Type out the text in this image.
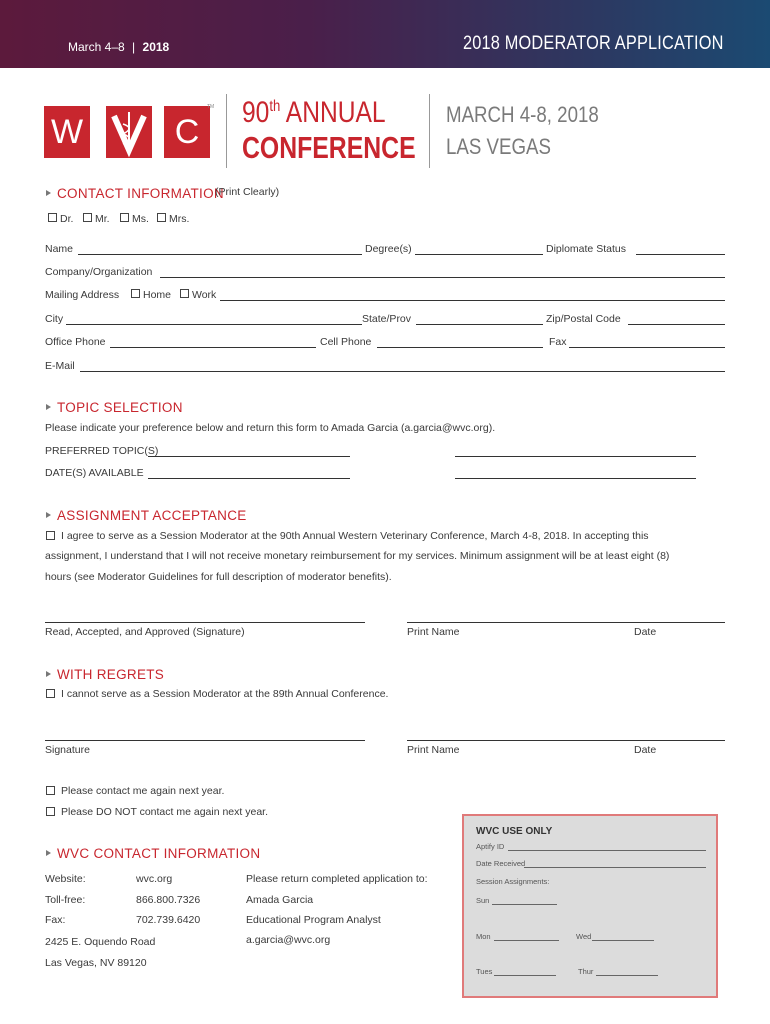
March 4–8 | 2018	2018 MODERATOR APPLICATION
W	C
TM 90th ANNUAL
CONFERENCE
MARCH 4-8, 2018
LAS VEGAS
CONTACT INFORMATION
(Print Clearly)
Dr. Mr. Ms. Mrs.
Name	Degree(s)	Diplomate Status
Company/Organization
Mailing Address Home Work
City	State/Prov	Zip/Postal Code
Office Phone	Cell Phone	Fax
E-Mail
TOPIC SELECTION
Please indicate your preference below and return this form to Amada Garcia (a.garcia@wvc.org).
PREFERRED TOPIC(S)
DATE(S) AVAILABLE
ASSIGNMENT ACCEPTANCE
I agree to serve as a Session Moderator at the 90th Annual Western Veterinary Conference, March 4-8, 2018. In accepting this
assignment, I understand that I will not receive monetary reimbursement for my services. Minimum assignment will be at least eight (8)
hours (see Moderator Guidelines for full description of moderator benefits).
Read, Accepted, and Approved (Signature)	Print Name	Date
WITH REGRETS
I cannot serve as a Session Moderator at the 89th Annual Conference.
Signature	Print Name	Date
Please contact me again next year.
Please DO NOT contact me again next year.
WVC CONTACT INFORMATION
Website:	wvc.org
Toll-free:	866.800.7326
Fax:	702.739.6420
2425 E. Oquendo Road
Las Vegas, NV 89120
Please return completed application to:
Amada Garcia
Educational Program Analyst
a.garcia@wvc.org
WVC USE ONLY
Aptify ID
Date Received
Session Assignments:
Sun
Mon	Wed
Tues	Thur
